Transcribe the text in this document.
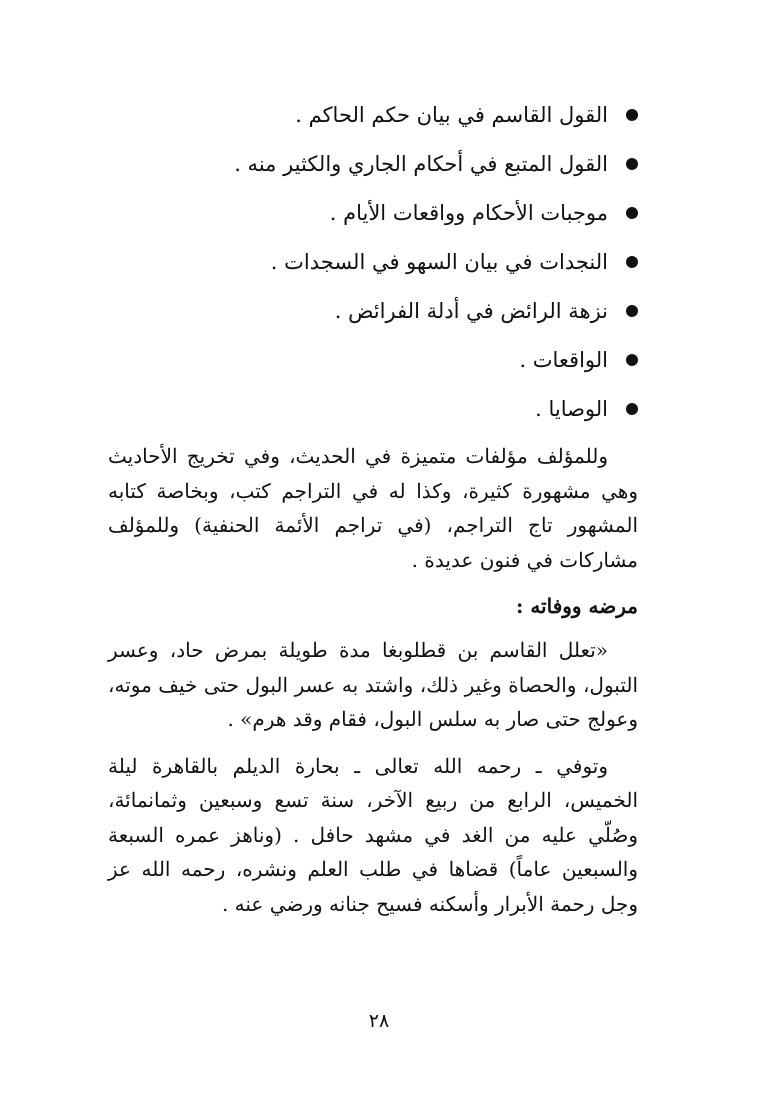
القول القاسم في بيان حكم الحاكم .
القول المتبع في أحكام الجاري والكثير منه .
موجبات الأحكام وواقعات الأيام .
النجدات في بيان السهو في السجدات .
نزهة الرائض في أدلة الفرائض .
الواقعات .
الوصايا .

وللمؤلف مؤلفات متميزة في الحديث، وفي تخريج الأحاديث وهي مشهورة كثيرة، وكذا له في التراجم كتب، وبخاصة كتابه المشهور تاج التراجم، (في تراجم الأئمة الحنفية) وللمؤلف مشاركات في فنون عديدة .

مرضه ووفاته :

«تعلل القاسم بن قطلوبغا مدة طويلة بمرض حاد، وعسر التبول، والحصاة وغير ذلك، واشتد به عسر البول حتى خيف موته، وعولج حتى صار به سلس البول، فقام وقد هرم» .

وتوفي ـ رحمه الله تعالى ـ بحارة الديلم بالقاهرة ليلة الخميس، الرابع من ربيع الآخر، سنة تسع وسبعين وثمانمائة، وصُلّي عليه من الغد في مشهد حافل . (وناهز عمره السبعة والسبعين عاماً) قضاها في طلب العلم ونشره، رحمه الله عز وجل رحمة الأبرار وأسكنه فسيح جنانه ورضي عنه .

٢٨
